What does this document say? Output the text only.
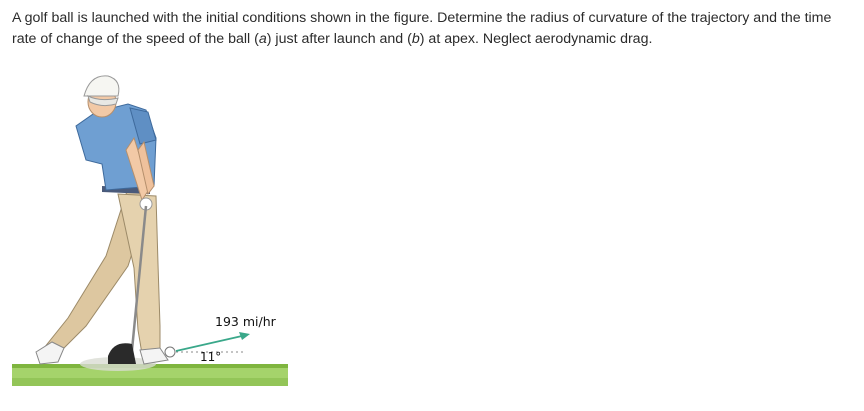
A golf ball is launched with the initial conditions shown in the figure. Determine the radius of curvature of the trajectory and the time rate of change of the speed of the ball (a) just after launch and (b) at apex. Neglect aerodynamic drag.

193 mi/hr
11°
